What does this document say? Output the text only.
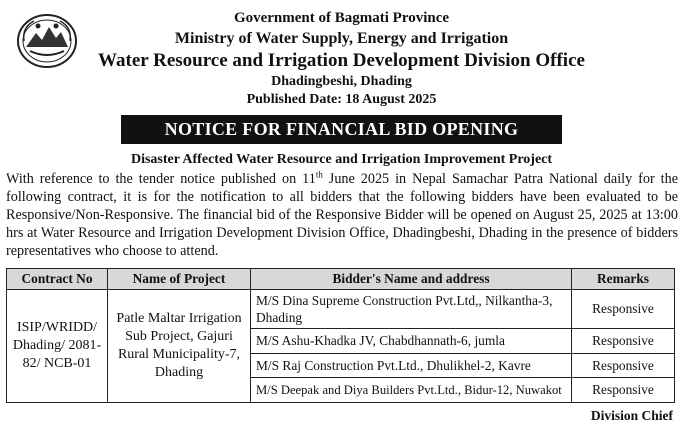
Government of Bagmati Province
Ministry of Water Supply, Energy and Irrigation
Water Resource and Irrigation Development Division Office
Dhadingbeshi, Dhading
Published Date: 18 August 2025
NOTICE FOR FINANCIAL BID OPENING
Disaster Affected Water Resource and Irrigation Improvement Project
With reference to the tender notice published on 11th June 2025 in Nepal Samachar Patra National daily for the following contract, it is for the notification to all bidders that the following bidders have been evaluated to be Responsive/Non-Responsive. The financial bid of the Responsive Bidder will be opened on August 25, 2025 at 13:00 hrs at Water Resource and Irrigation Development Division Office, Dhadingbeshi, Dhading in the presence of bidders representatives who choose to attend.
Contract No	Name of Project	Bidder's Name and address	Remarks
ISIP/WRIDD/ Dhading/ 2081-82/ NCB-01	Patle Maltar Irrigation Sub Project, Gajuri Rural Municipality-7, Dhading	M/S Dina Supreme Construction Pvt.Ltd,, Nilkantha-3, Dhading	Responsive
		M/S Ashu-Khadka JV, Chabdhannath-6, jumla	Responsive
		M/S Raj Construction Pvt.Ltd., Dhulikhel-2, Kavre	Responsive
		M/S Deepak and Diya Builders Pvt.Ltd., Bidur-12, Nuwakot	Responsive
Division Chief
